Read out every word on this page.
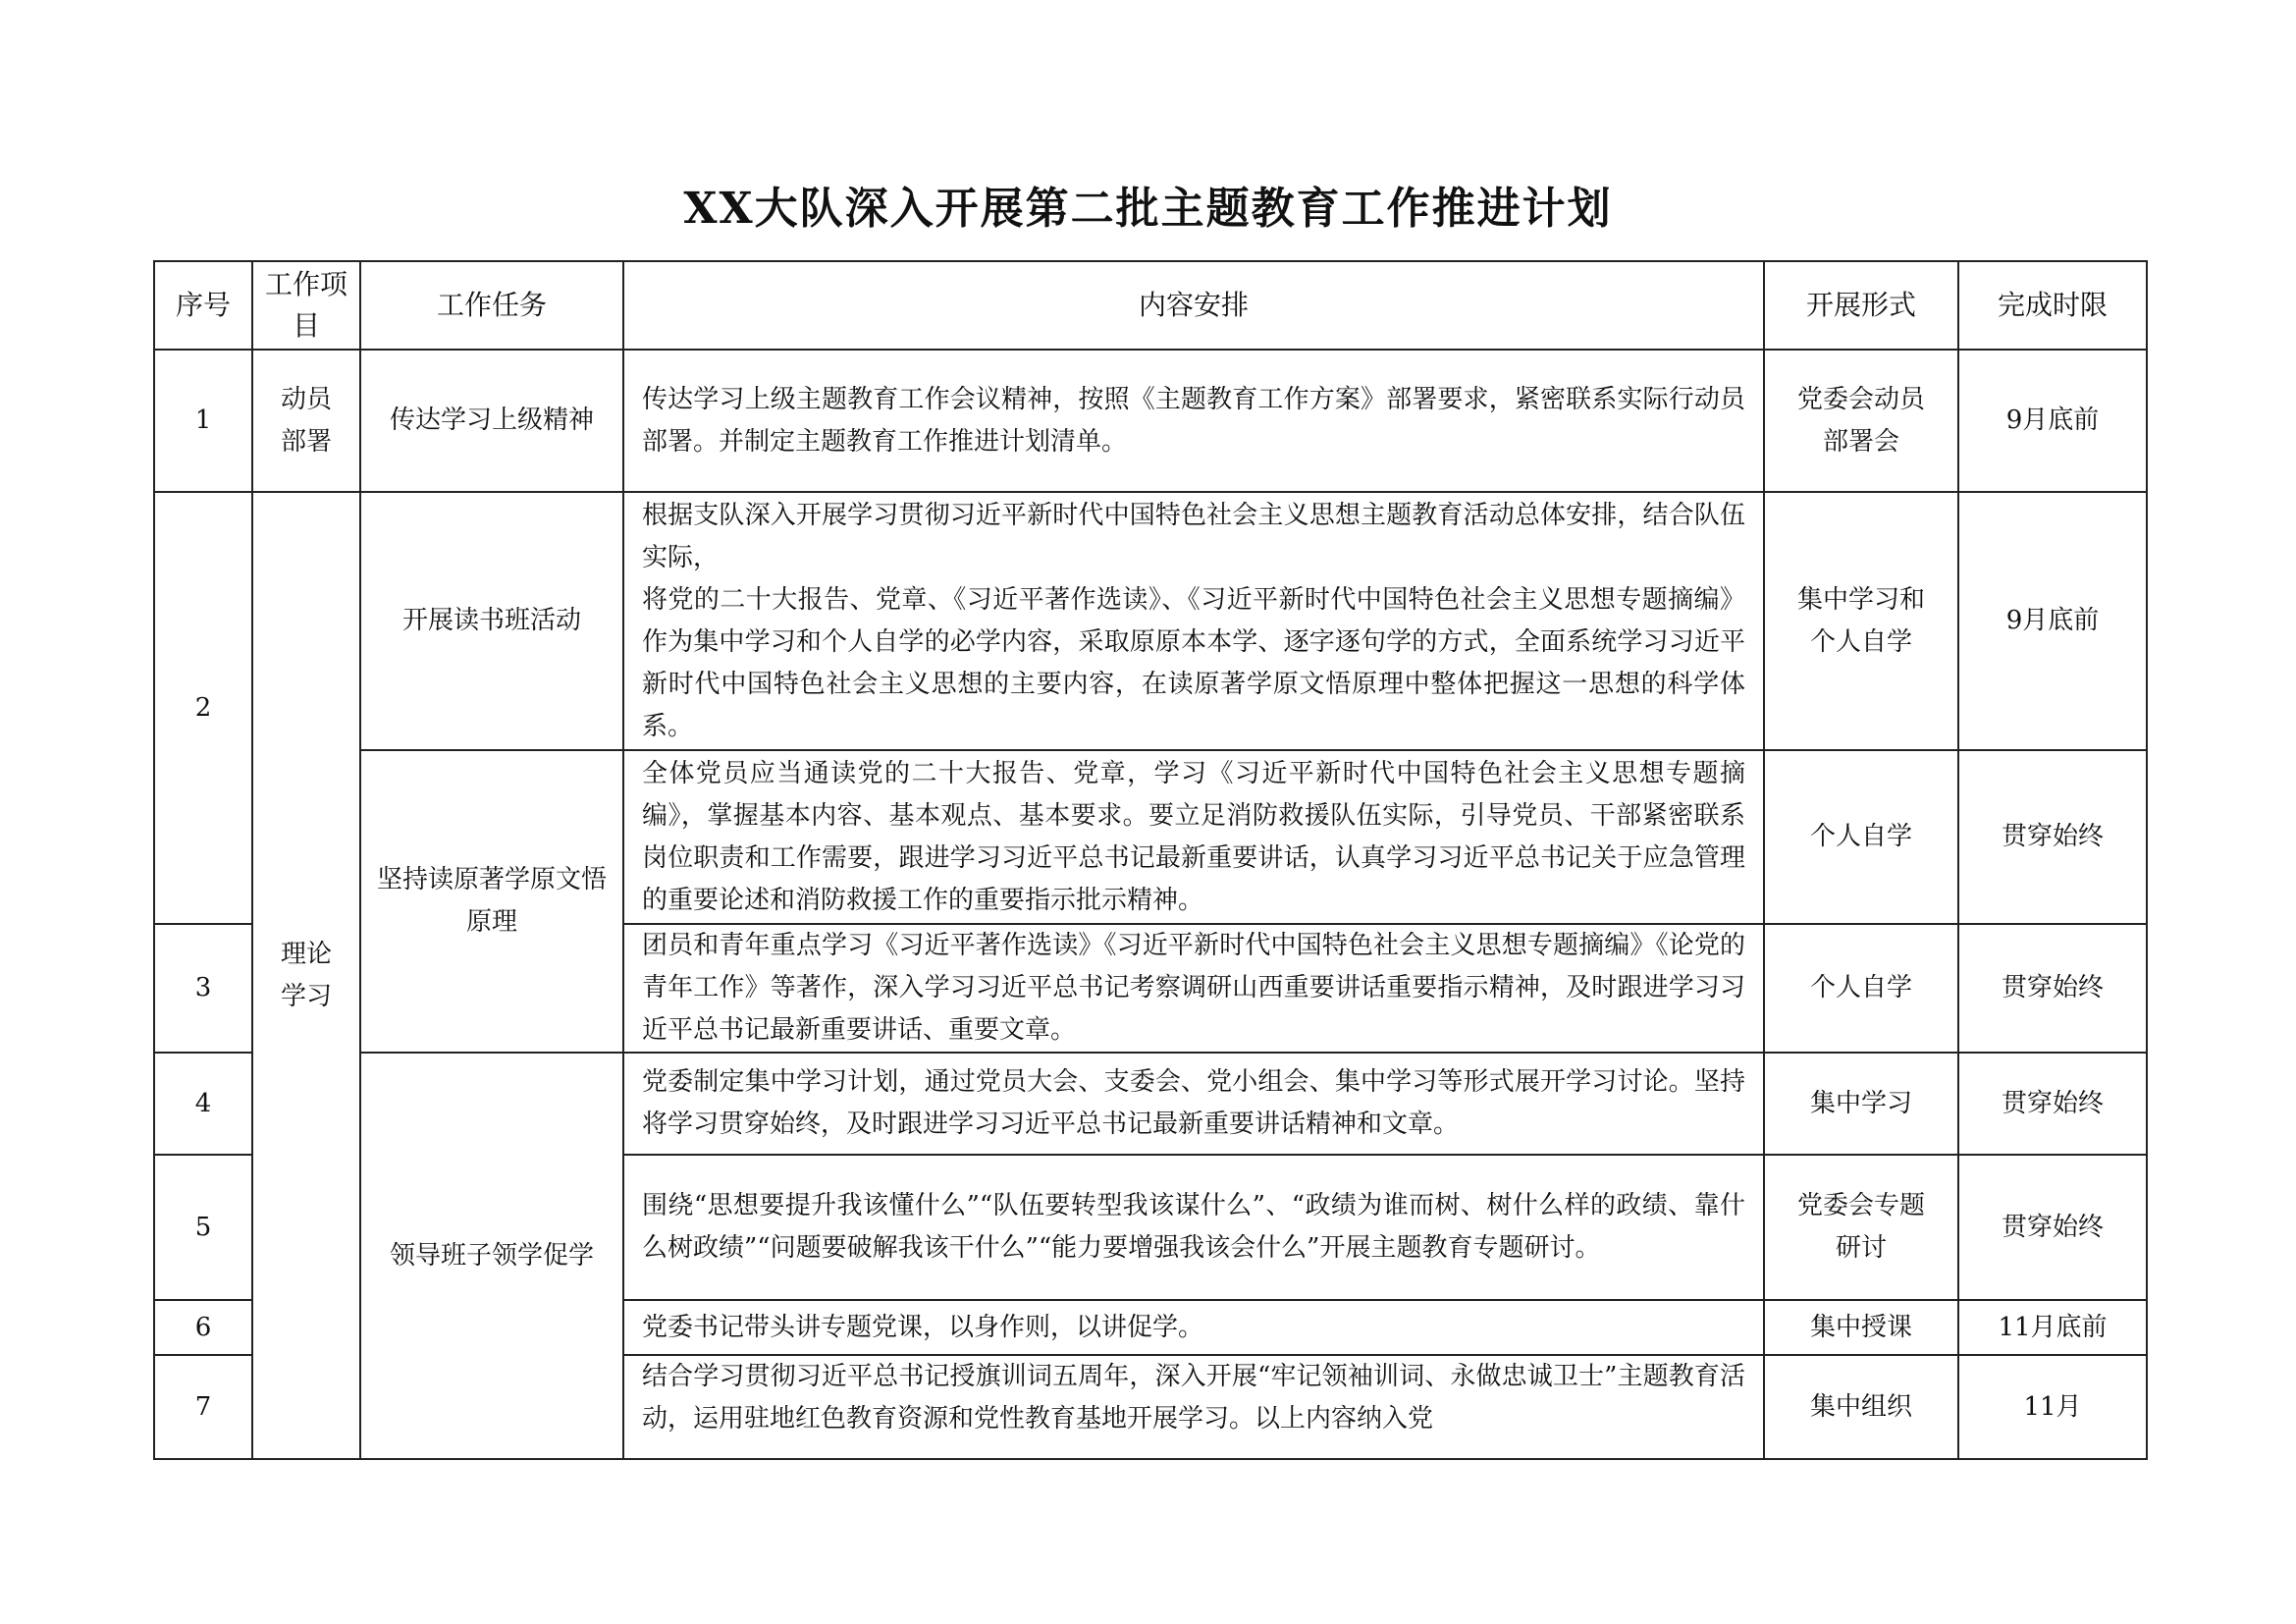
XX大队深入开展第二批主题教育工作推进计划
序号	工作项目	工作任务	内容安排	开展形式	完成时限
1	动员部署	传达学习上级精神	传达学习上级主题教育工作会议精神，按照《主题教育工作方案》部署要求，紧密联系实际行动员部署。并制定主题教育工作推进计划清单。	党委会动员部署会	9月底前
2	理论学习	开展读书班活动	根据支队深入开展学习贯彻习近平新时代中国特色社会主义思想主题教育活动总体安排，结合队伍实际，
将党的二十大报告、党章、《习近平著作选读》、《习近平新时代中国特色社会主义思想专题摘编》作为集中学习和个人自学的必学内容，采取原原本本学、逐字逐句学的方式，全面系统学习习近平新时代中国特色社会主义思想的主要内容，在读原著学原文悟原理中整体把握这一思想的科学体系。	集中学习和个人自学	9月底前
		坚持读原著学原文悟原理	全体党员应当通读党的二十大报告、党章，学习《习近平新时代中国特色社会主义思想专题摘编》，掌握基本内容、基本观点、基本要求。要立足消防救援队伍实际，引导党员、干部紧密联系岗位职责和工作需要，跟进学习习近平总书记最新重要讲话，认真学习习近平总书记关于应急管理的重要论述和消防救援工作的重要指示批示精神。	个人自学	贯穿始终
3			团员和青年重点学习《习近平著作选读》《习近平新时代中国特色社会主义思想专题摘编》《论党的青年工作》等著作，深入学习习近平总书记考察调研山西重要讲话重要指示精神，及时跟进学习习近平总书记最新重要讲话、重要文章。	个人自学	贯穿始终
4		领导班子领学促学	党委制定集中学习计划，通过党员大会、支委会、党小组会、集中学习等形式展开学习讨论。坚持将学习贯穿始终，及时跟进学习习近平总书记最新重要讲话精神和文章。	集中学习	贯穿始终
5			围绕“思想要提升我该懂什么”“队伍要转型我该谋什么”、“政绩为谁而树、树什么样的政绩、靠什么树政绩”“问题要破解我该干什么”“能力要增强我该会什么”开展主题教育专题研讨。	党委会专题研讨	贯穿始终
6			党委书记带头讲专题党课，以身作则，以讲促学。	集中授课	11月底前
7			结合学习贯彻习近平总书记授旗训词五周年，深入开展“牢记领袖训词、永做忠诚卫士”主题教育活动，运用驻地红色教育资源和党性教育基地开展学习。以上内容纳入党	集中组织	11月
